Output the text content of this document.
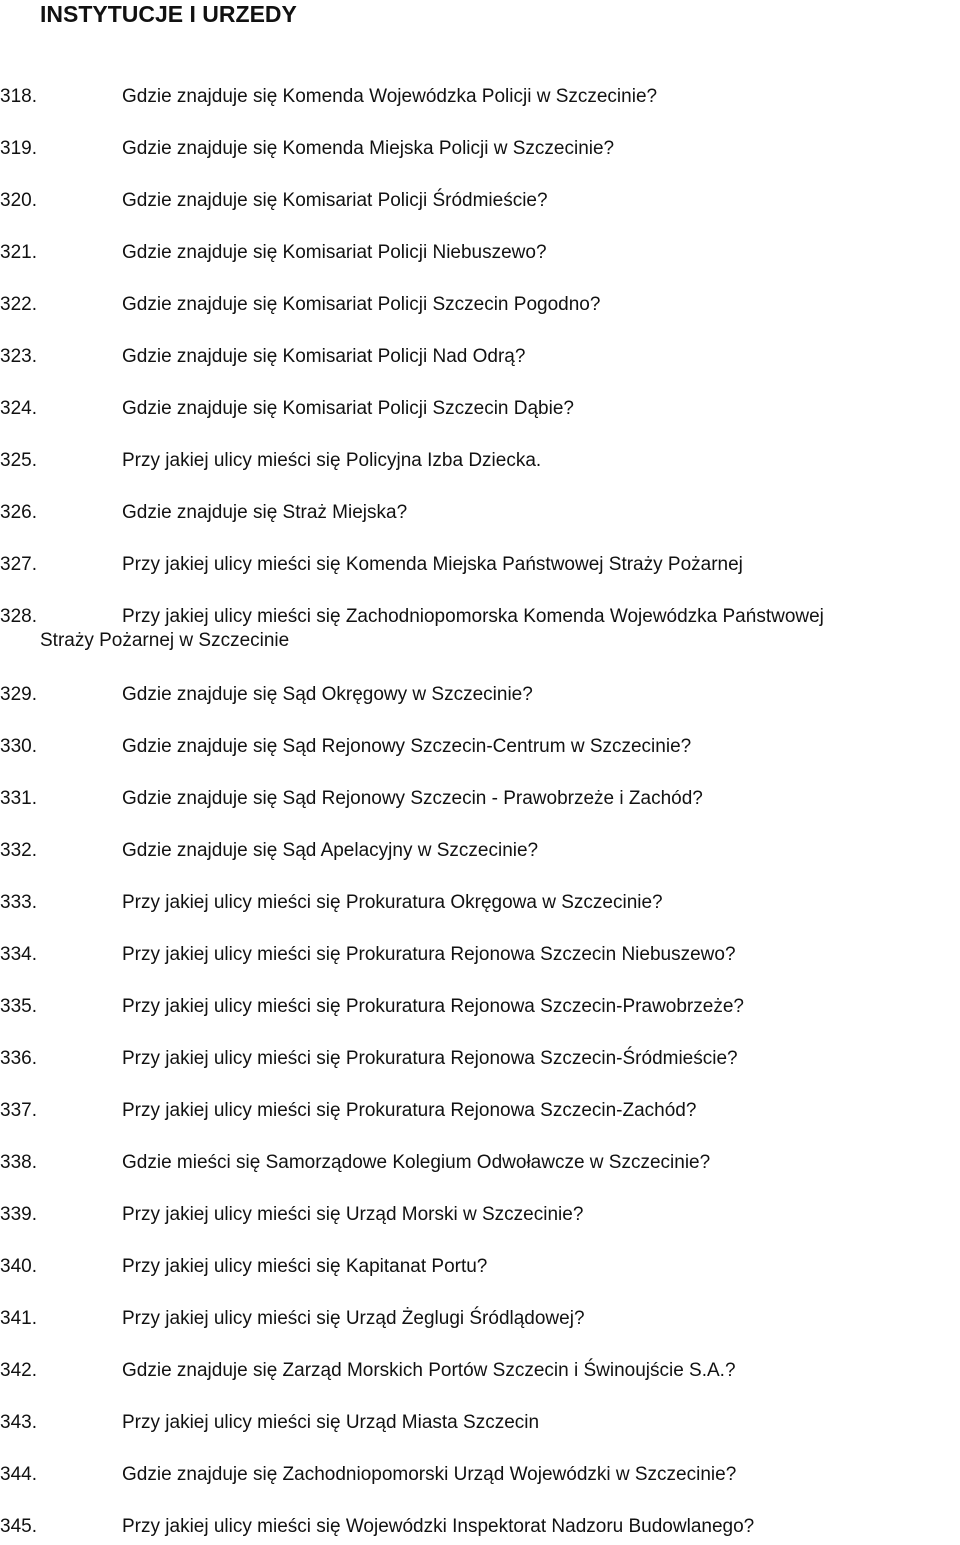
INSTYTUCJE I URZEDY
318.	Gdzie znajduje się Komenda Wojewódzka Policji w Szczecinie?
319.	Gdzie znajduje się Komenda Miejska Policji w Szczecinie?
320.	Gdzie znajduje się Komisariat Policji Śródmieście?
321.	Gdzie znajduje się Komisariat Policji Niebuszewo?
322.	Gdzie znajduje się Komisariat Policji Szczecin Pogodno?
323.	Gdzie znajduje się Komisariat Policji Nad Odrą?
324.	Gdzie znajduje się Komisariat Policji Szczecin Dąbie?
325.	Przy jakiej ulicy mieści się Policyjna Izba Dziecka.
326.	Gdzie znajduje się Straż Miejska?
327.	Przy jakiej ulicy mieści się Komenda Miejska Państwowej Straży Pożarnej
328.	Przy jakiej ulicy mieści się Zachodniopomorska Komenda Wojewódzka Państwowej
Straży Pożarnej w Szczecinie
329.	Gdzie znajduje się Sąd Okręgowy w Szczecinie?
330.	Gdzie znajduje się Sąd Rejonowy Szczecin-Centrum w Szczecinie?
331.	Gdzie znajduje się Sąd Rejonowy Szczecin - Prawobrzeże i Zachód?
332.	Gdzie znajduje się Sąd Apelacyjny w Szczecinie?
333.	Przy jakiej ulicy mieści się Prokuratura Okręgowa w Szczecinie?
334.	Przy jakiej ulicy mieści się Prokuratura Rejonowa Szczecin Niebuszewo?
335.	Przy jakiej ulicy mieści się Prokuratura Rejonowa Szczecin-Prawobrzeże?
336.	Przy jakiej ulicy mieści się Prokuratura Rejonowa Szczecin-Śródmieście?
337.	Przy jakiej ulicy mieści się Prokuratura Rejonowa Szczecin-Zachód?
338.	Gdzie mieści się Samorządowe Kolegium Odwoławcze w Szczecinie?
339.	Przy jakiej ulicy mieści się Urząd Morski w Szczecinie?
340.	Przy jakiej ulicy mieści się Kapitanat Portu?
341.	Przy jakiej ulicy mieści się Urząd Żeglugi Śródlądowej?
342.	Gdzie znajduje się Zarząd Morskich Portów Szczecin i Świnoujście S.A.?
343.	Przy jakiej ulicy mieści się Urząd Miasta Szczecin
344.	Gdzie znajduje się Zachodniopomorski Urząd Wojewódzki w Szczecinie?
345.	Przy jakiej ulicy mieści się Wojewódzki Inspektorat Nadzoru Budowlanego?
